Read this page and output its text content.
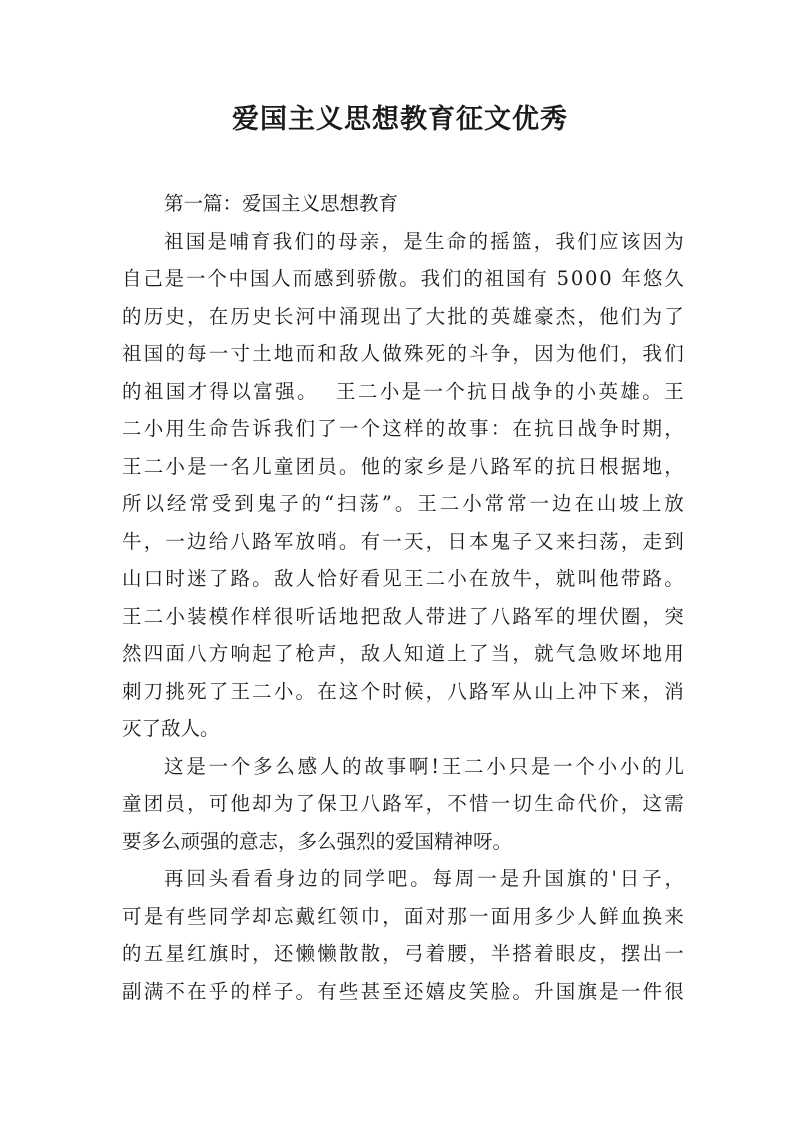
爱国主义思想教育征文优秀
第一篇：爱国主义思想教育
祖 国 是 哺 育 我 们 的 母 亲 ， 是 生 命 的 摇 篮 ， 我 们 应 该 因 为
自 己 是 一 个 中 国 人 而 感 到 骄 傲 。 我 们 的 祖 国 有
5 0 0 0
年 悠 久
的 历 史 ， 在 历 史 长 河 中 涌 现 出 了 大 批 的 英 雄 豪 杰 ， 他 们 为 了
祖 国 的 每 一 寸 土 地 而 和 敌 人 做 殊 死 的 斗 争 ， 因 为 他 们 ， 我 们
的 祖 国 才 得 以 富 强 。

王 二 小 是 一 个 抗 日 战 争 的 小 英 雄 。 王
二 小 用 生 命 告 诉 我 们 了 一 个 这 样 的 故 事 ： 在 抗 日 战 争 时 期 ，
王 二 小 是 一 名 儿 童 团 员 。 他 的 家 乡 是 八 路 军 的 抗 日 根 据 地 ，
所 以 经 常 受 到 鬼 子 的 “ 扫 荡 ” 。 王 二 小 常 常 一 边 在 山 坡 上 放
牛 ， 一 边 给 八 路 军 放 哨 。 有 一 天 ， 日 本 鬼 子 又 来 扫 荡 ， 走 到
山 口 时 迷 了 路 。 敌 人 恰 好 看 见 王 二 小 在 放 牛 ， 就 叫 他 带 路 。
王 二 小 装 模 作 样 很 听 话 地 把 敌 人 带 进 了 八 路 军 的 埋 伏 圈 ， 突
然 四 面 八 方 响 起 了 枪 声 ， 敌 人 知 道 上 了 当 ， 就 气 急 败 坏 地 用
刺 刀 挑 死 了 王 二 小 。 在 这 个 时 候 ， 八 路 军 从 山 上 冲 下 来 ， 消
灭了敌人。
这 是 一 个 多 么 感 人 的 故 事 啊 ! 王 二 小 只 是 一 个 小 小 的 儿
童 团 员 ， 可 他 却 为 了 保 卫 八 路 军 ， 不 惜 一 切 生 命 代 价 ， 这 需
要多么顽强的意志，多么强烈的爱国精神呀。
再 回 头 看 看 身 边 的 同 学 吧 。 每 周 一 是 升 国 旗 的 ' 日 子 ，
可 是 有 些 同 学 却 忘 戴 红 领 巾 ， 面 对 那 一 面 用 多 少 人 鲜 血 换 来
的 五 星 红 旗 时 ， 还 懒 懒 散 散 ， 弓 着 腰 ， 半 搭 着 眼 皮 ， 摆 出 一
副 满 不 在 乎 的 样 子 。 有 些 甚 至 还 嬉 皮 笑 脸 。 升 国 旗 是 一 件 很
